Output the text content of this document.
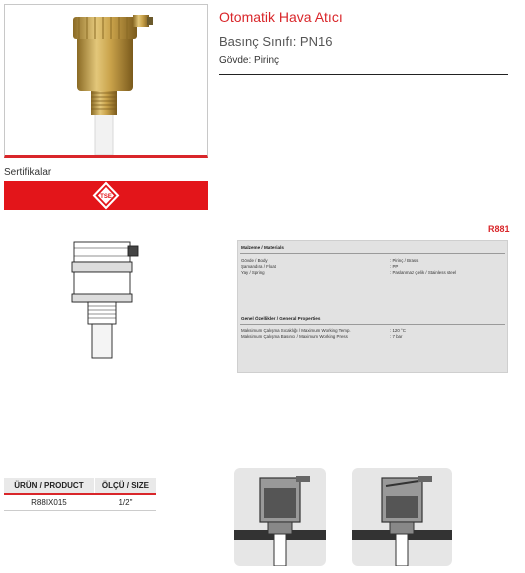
Otomatik Hava Atıcı
Basınç Sınıfı: PN16
Gövde: Pirinç
Sertifikalar
TSE
R881
Malzeme / Materials
Gövde / Body	: Pirinç / Brass
Şamandıra / Float	: PP
Yay / Spring	: Paslanmaz çelik / Stainless steel
Genel Özellikler / General Properties
Maksimum Çalışma Sıcaklığı / Maximum Working Temp.	: 120 °C
Maksimum Çalışma Basıncı / Maximum Working Press	: 7 bar
ÜRÜN / PRODUCT	ÖLÇÜ / SIZE
R88IX015	1/2"
